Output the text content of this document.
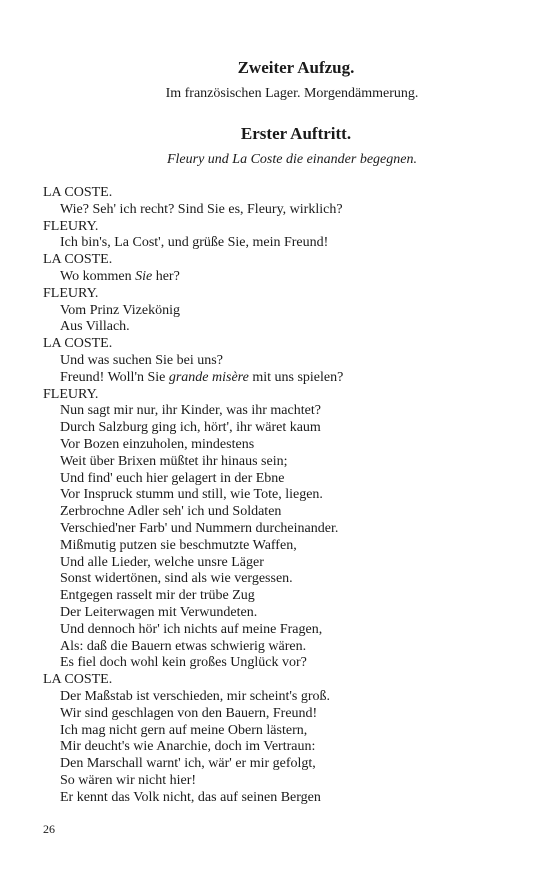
Zweiter Aufzug.
Im französischen Lager. Morgendämmerung.
Erster Auftritt.
Fleury und La Coste die einander begegnen.
LA COSTE.
Wie? Seh' ich recht? Sind Sie es, Fleury, wirklich?
FLEURY.
Ich bin's, La Cost', und grüße Sie, mein Freund!
LA COSTE.
Wo kommen Sie her?
FLEURY.
Vom Prinz Vizekönig
Aus Villach.
LA COSTE.
Und was suchen Sie bei uns?
Freund! Woll'n Sie grande misère mit uns spielen?
FLEURY.
Nun sagt mir nur, ihr Kinder, was ihr machtet?
Durch Salzburg ging ich, hört', ihr wäret kaum
Vor Bozen einzuholen, mindestens
Weit über Brixen müßtet ihr hinaus sein;
Und find' euch hier gelagert in der Ebne
Vor Inspruck stumm und still, wie Tote, liegen.
Zerbrochne Adler seh' ich und Soldaten
Verschied'ner Farb' und Nummern durcheinander.
Mißmutig putzen sie beschmutzte Waffen,
Und alle Lieder, welche unsre Läger
Sonst widertönen, sind als wie vergessen.
Entgegen rasselt mir der trübe Zug
Der Leiterwagen mit Verwundeten.
Und dennoch hör' ich nichts auf meine Fragen,
Als: daß die Bauern etwas schwierig wären.
Es fiel doch wohl kein großes Unglück vor?
LA COSTE.
Der Maßstab ist verschieden, mir scheint's groß.
Wir sind geschlagen von den Bauern, Freund!
Ich mag nicht gern auf meine Obern lästern,
Mir deucht's wie Anarchie, doch im Vertraun:
Den Marschall warnt' ich, wär' er mir gefolgt,
So wären wir nicht hier!
Er kennt das Volk nicht, das auf seinen Bergen
26
